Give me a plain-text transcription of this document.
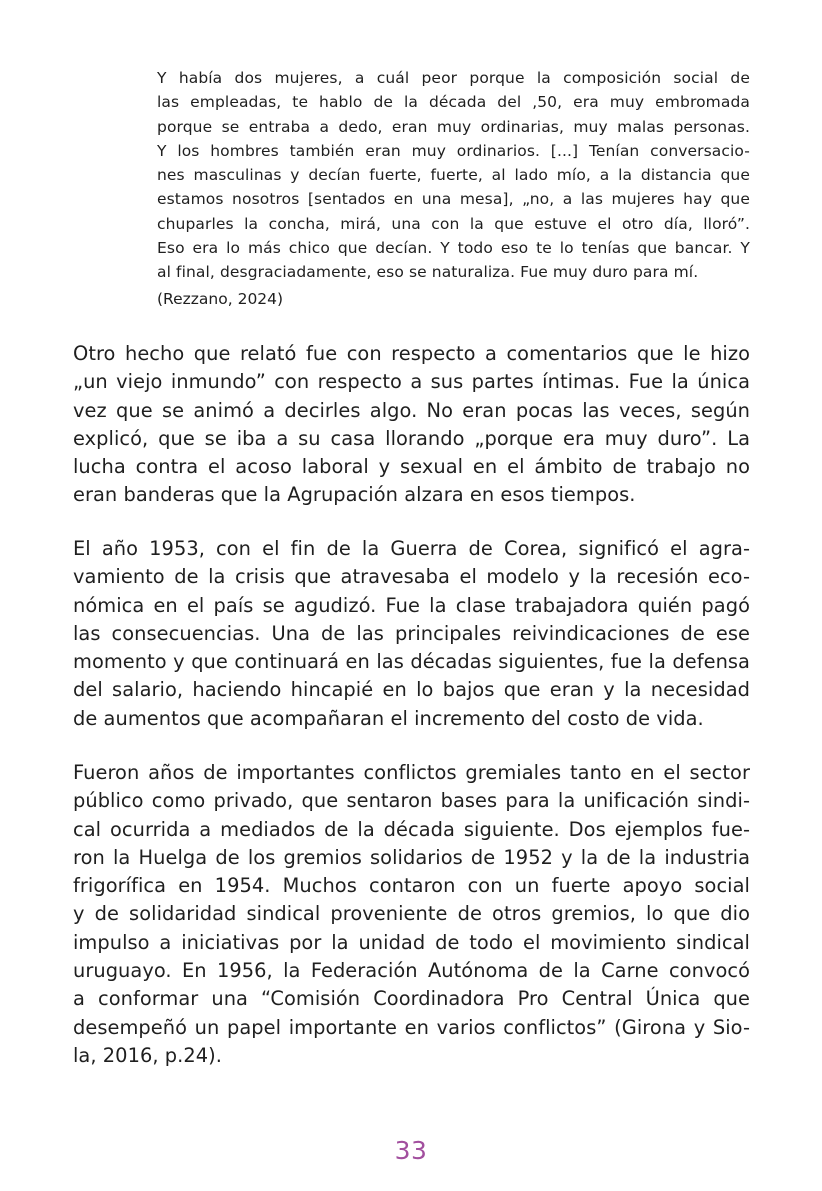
Y había dos mujeres, a cuál peor porque la composición social de
las empleadas, te hablo de la década del ,50, era muy embromada
porque se entraba a dedo, eran muy ordinarias, muy malas personas.
Y los hombres también eran muy ordinarios. [...] Tenían conversacio-
nes masculinas y decían fuerte, fuerte, al lado mío, a la distancia que
estamos nosotros [sentados en una mesa], „no, a las mujeres hay que
chuparles la concha, mirá, una con la que estuve el otro día, lloró”.
Eso era lo más chico que decían. Y todo eso te lo tenías que bancar. Y
al final, desgraciadamente, eso se naturaliza. Fue muy duro para mí.
(Rezzano, 2024)

Otro hecho que relató fue con respecto a comentarios que le hizo
„un viejo inmundo” con respecto a sus partes íntimas. Fue la única
vez que se animó a decirles algo. No eran pocas las veces, según
explicó, que se iba a su casa llorando „porque era muy duro”. La
lucha contra el acoso laboral y sexual en el ámbito de trabajo no
eran banderas que la Agrupación alzara en esos tiempos.

El año 1953, con el fin de la Guerra de Corea, significó el agra-
vamiento de la crisis que atravesaba el modelo y la recesión eco-
nómica en el país se agudizó. Fue la clase trabajadora quién pagó
las consecuencias. Una de las principales reivindicaciones de ese
momento y que continuará en las décadas siguientes, fue la defensa
del salario, haciendo hincapié en lo bajos que eran y la necesidad
de aumentos que acompañaran el incremento del costo de vida.

Fueron años de importantes conflictos gremiales tanto en el sector
público como privado, que sentaron bases para la unificación sindi-
cal ocurrida a mediados de la década siguiente. Dos ejemplos fue-
ron la Huelga de los gremios solidarios de 1952 y la de la industria
frigorífica en 1954. Muchos contaron con un fuerte apoyo social
y de solidaridad sindical proveniente de otros gremios, lo que dio
impulso a iniciativas por la unidad de todo el movimiento sindical
uruguayo. En 1956, la Federación Autónoma de la Carne convocó
a conformar una “Comisión Coordinadora Pro Central Única que
desempeñó un papel importante en varios conflictos” (Girona y Sio-
la, 2016, p.24).

33
